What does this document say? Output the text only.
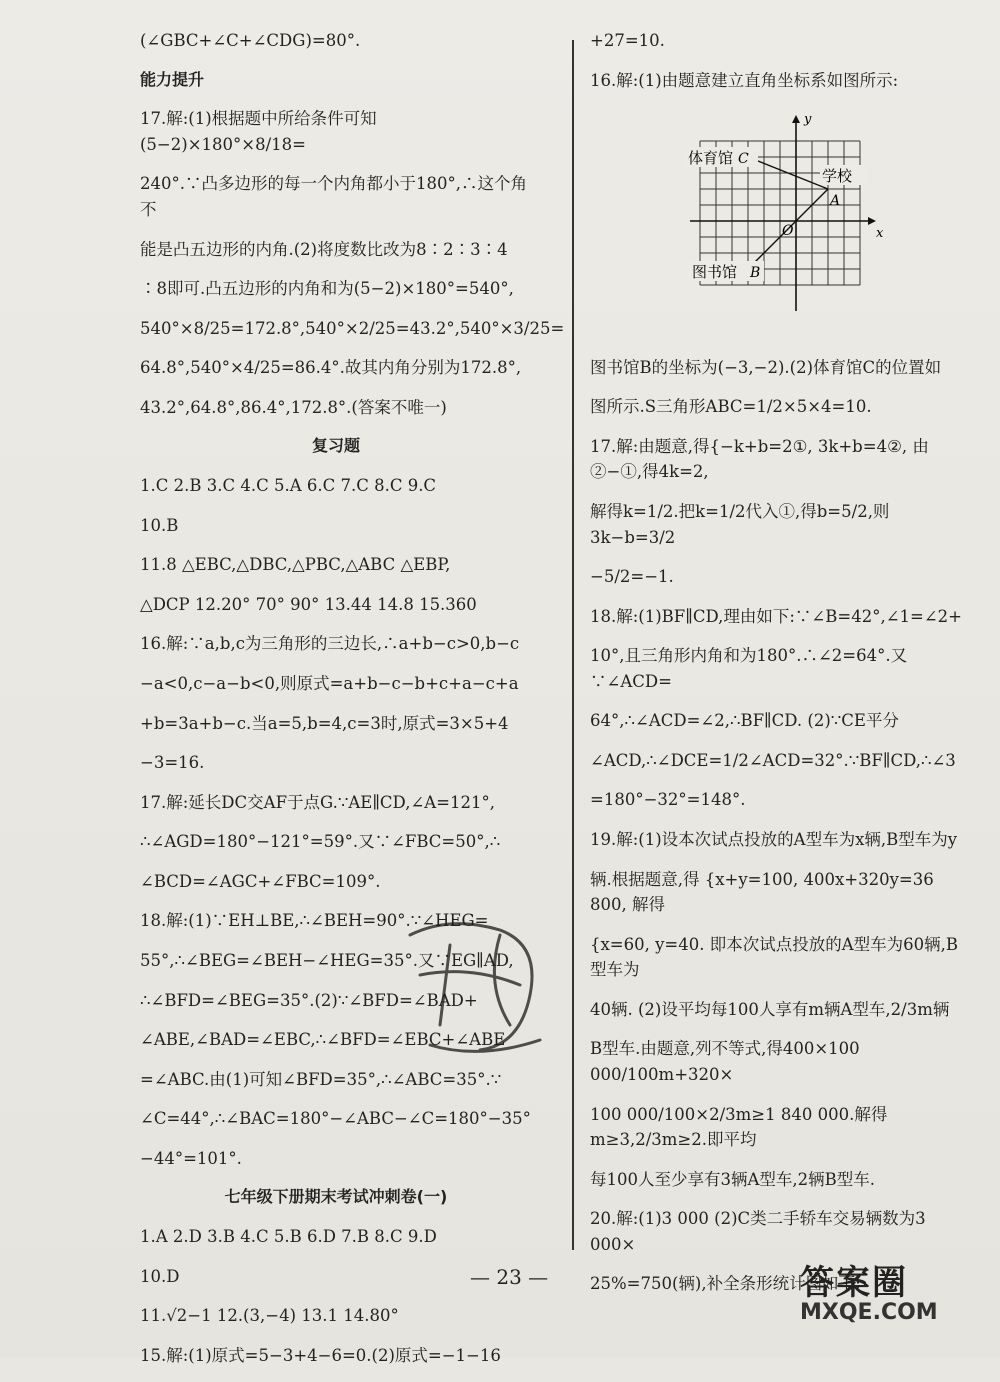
(∠GBC+∠C+∠CDG)=80°.
能力提升
17.解:(1)根据题中所给条件可知(5−2)×180°×8/18=
240°.∵凸多边形的每一个内角都小于180°,∴这个角不
能是凸五边形的内角.(2)将度数比改为8∶2∶3∶4
∶8即可.凸五边形的内角和为(5−2)×180°=540°,
540°×8/25=172.8°,540°×2/25=43.2°,540°×3/25=
64.8°,540°×4/25=86.4°.故其内角分别为172.8°,
43.2°,64.8°,86.4°,172.8°.(答案不唯一)
复习题
1.C 2.B 3.C 4.C 5.A 6.C 7.C 8.C 9.C
10.B
11.8 △EBC,△DBC,△PBC,△ABC △EBP,
△DCP 12.20° 70° 90° 13.44 14.8 15.360
16.解:∵a,b,c为三角形的三边长,∴a+b−c>0,b−c
−a<0,c−a−b<0,则原式=a+b−c−b+c+a−c+a
+b=3a+b−c.当a=5,b=4,c=3时,原式=3×5+4
−3=16.
17.解:延长DC交AF于点G.∵AE∥CD,∠A=121°,
∴∠AGD=180°−121°=59°.又∵∠FBC=50°,∴
∠BCD=∠AGC+∠FBC=109°.
18.解:(1)∵EH⊥BE,∴∠BEH=90°.∵∠HEG=
55°,∴∠BEG=∠BEH−∠HEG=35°.又∵EG∥AD,
∴∠BFD=∠BEG=35°.(2)∵∠BFD=∠BAD+
∠ABE,∠BAD=∠EBC,∴∠BFD=∠EBC+∠ABE
=∠ABC.由(1)可知∠BFD=35°,∴∠ABC=35°.∵
∠C=44°,∴∠BAC=180°−∠ABC−∠C=180°−35°
−44°=101°.
七年级下册期末考试冲刺卷(一)
1.A 2.D 3.B 4.C 5.B 6.D 7.B 8.C 9.D
10.D
11.√2−1 12.(3,−4) 13.1 14.80°
15.解:(1)原式=5−3+4−6=0.(2)原式=−1−16
+27=10.
16.解:(1)由题意建立直角坐标系如图所示:
体育馆 C
学校
A
图书馆 B
O	x
y
图书馆B的坐标为(−3,−2).(2)体育馆C的位置如
图所示.S三角形ABC=1/2×5×4=10.
17.解:由题意,得{−k+b=2①, 3k+b=4②, 由②−①,得4k=2,
解得k=1/2.把k=1/2代入①,得b=5/2,则3k−b=3/2
−5/2=−1.
18.解:(1)BF∥CD,理由如下:∵∠B=42°,∠1=∠2+
10°,且三角形内角和为180°.∴∠2=64°.又∵∠ACD=
64°,∴∠ACD=∠2,∴BF∥CD. (2)∵CE平分
∠ACD,∴∠DCE=1/2∠ACD=32°.∵BF∥CD,∴∠3
=180°−32°=148°.
19.解:(1)设本次试点投放的A型车为x辆,B型车为y
辆.根据题意,得 {x+y=100, 400x+320y=36 800, 解得
{x=60, y=40. 即本次试点投放的A型车为60辆,B型车为
40辆. (2)设平均每100人享有m辆A型车,2/3m辆
B型车.由题意,列不等式,得400×100 000/100m+320×
100 000/100×2/3m≥1 840 000.解得m≥3,2/3m≥2.即平均
每100人至少享有3辆A型车,2辆B型车.
20.解:(1)3 000 (2)C类二手轿车交易辆数为3 000×
25%=750(辆),补全条形统计图如下:
— 23 —	答案圈
MXQE.COM
